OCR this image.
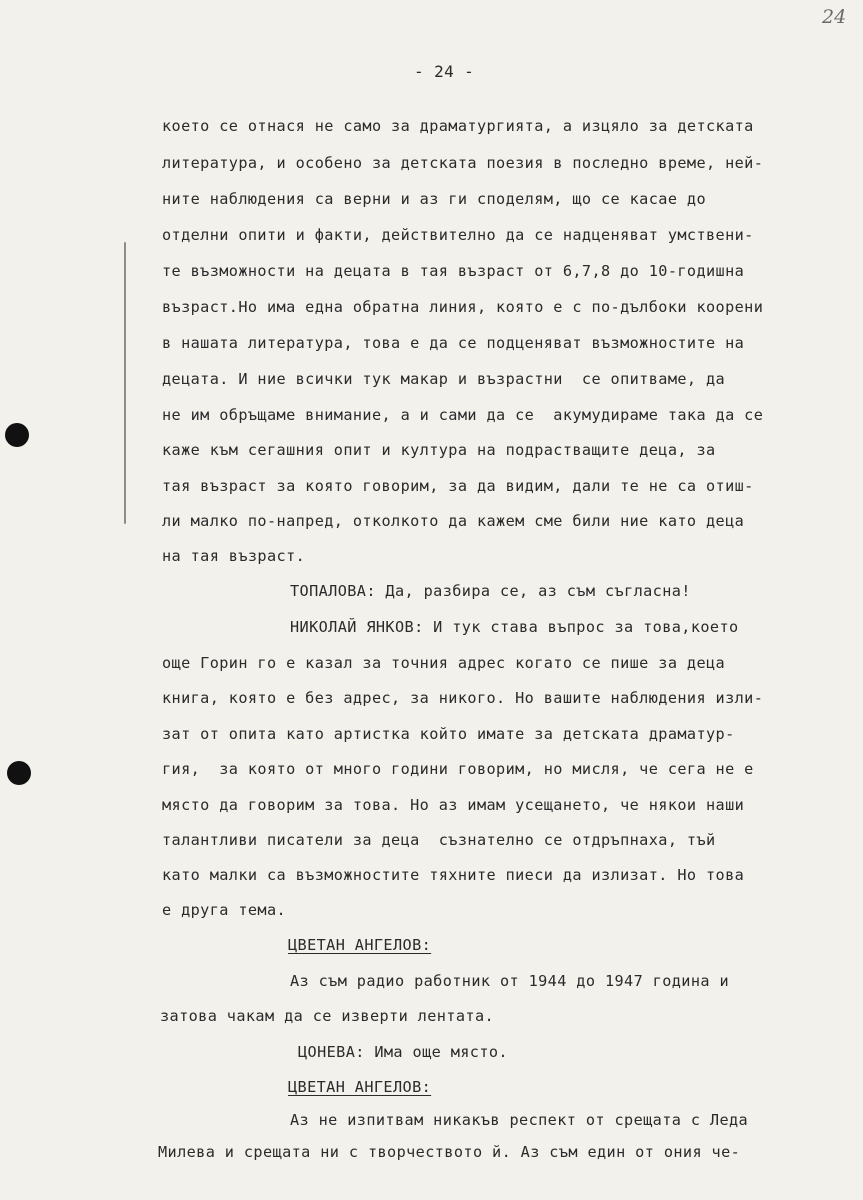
24
- 24 -
което се отнася не само за драматургията, а изцяло за детската
литература, и особено за детската поезия в последно време, ней-
ните наблюдения са верни и аз ги споделям, що се касае до
отделни опити и факти, действително да се надценяват умствени-
те възможности на децата в тая възраст от 6,7,8 до 10-годишна
възраст.Но има една обратна линия, която е с по-дълбоки коорени
в нашата литература, това е да се подценяват възможностите на
децата. И ние всички тук макар и възрастни  се опитваме, да
не им обръщаме внимание, а и сами да се  акумудираме така да се
каже към сегашния опит и култура на подрастващите деца, за
тая възраст за която говорим, за да видим, дали те не са отиш-
ли малко по-напред, отколкото да кажем сме били ние като деца
на тая възраст.
ТОПАЛОВА: Да, разбира се, аз съм съгласна!
НИКОЛАЙ ЯНКОВ: И тук става въпрос за това,което
още Горин го е казал за точния адрес когато се пише за деца
книга, която е без адрес, за никого. Но вашите наблюдения изли-
зат от опита като артистка който имате за детската драматур-
гия,  за която от много години говорим, но мисля, че сега не е
място да говорим за това. Но аз имам усещането, че някои наши
талантливи писатели за деца  съзнателно се отдръпнаха, тъй
като малки са възможностите тяхните пиеси да излизат. Но това
е друга тема.
ЦВЕТАН АНГЕЛОВ:
Аз съм радио работник от 1944 до 1947 година и
затова чакам да се изверти лентата.
ЦОНЕВА: Има още място.
ЦВЕТАН АНГЕЛОВ:
Аз не изпитвам никакъв респект от срещата с Леда
Милева и срещата ни с творчеството й. Аз съм един от ония че-
